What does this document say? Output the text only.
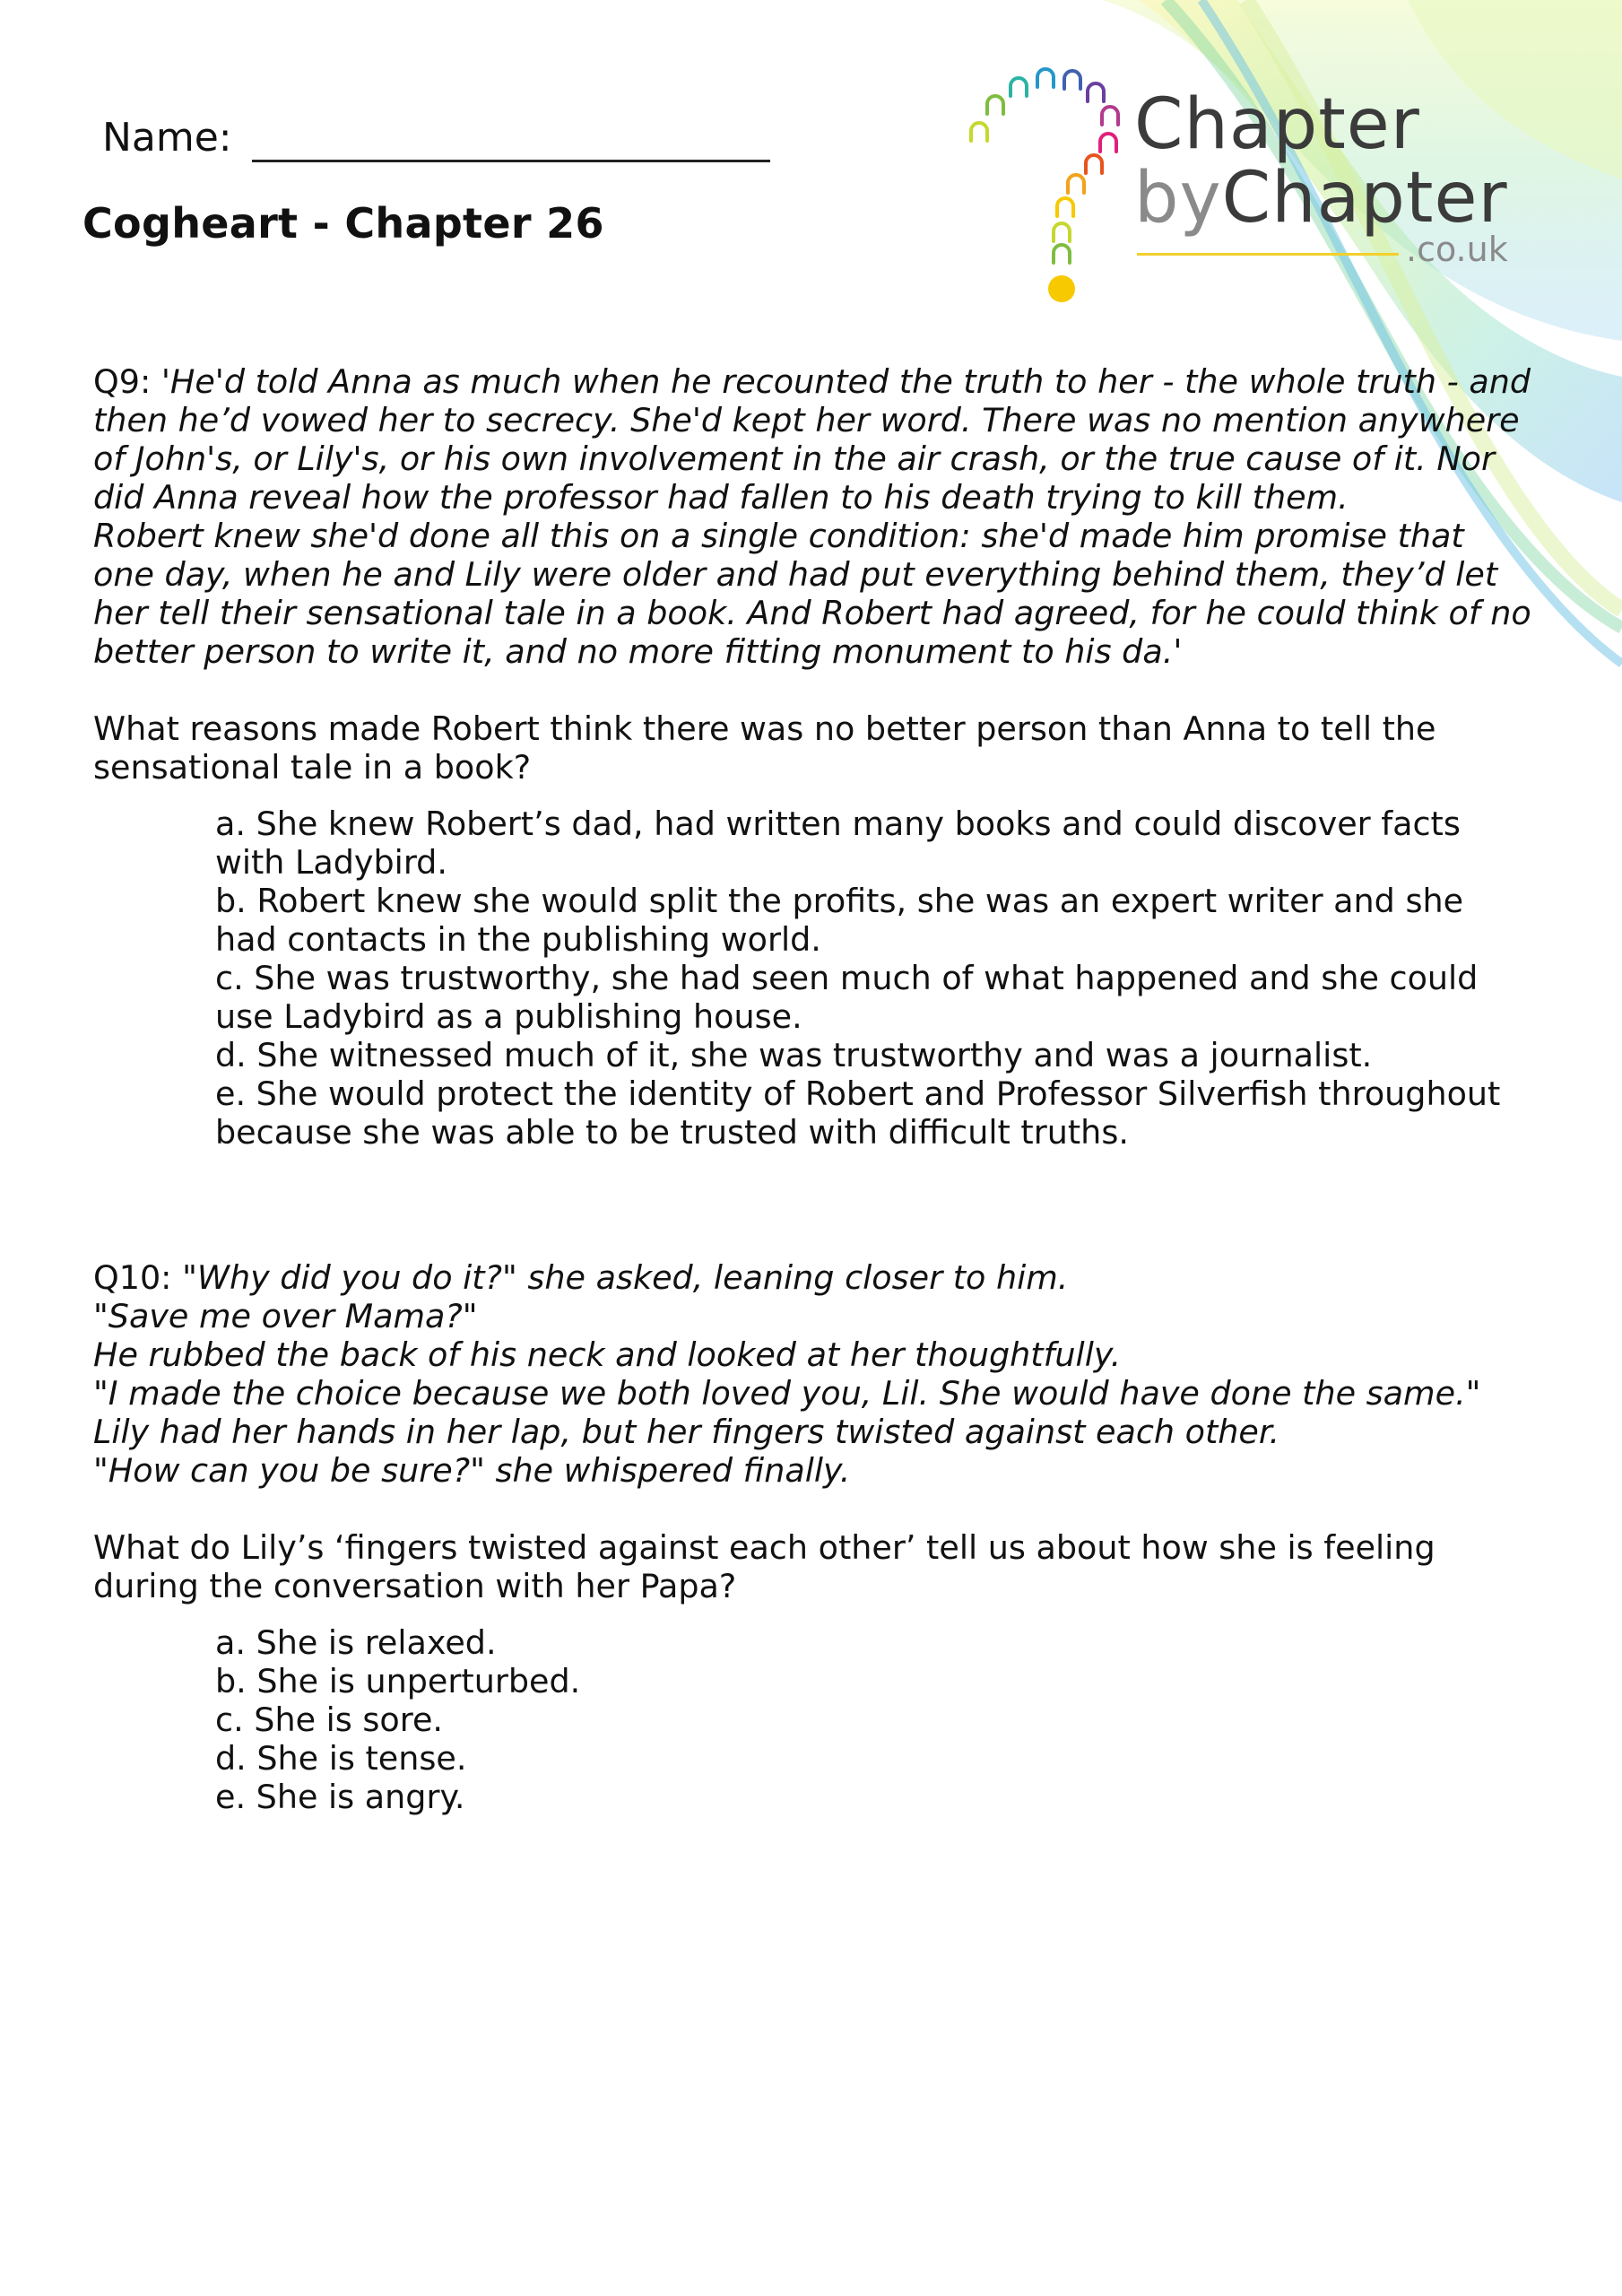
Name:
Cogheart - Chapter 26
Chapter
byChapter
.co.uk

Q9: 'He'd told Anna as much when he recounted the truth to her - the whole truth - and

then he’d vowed her to secrecy. She'd kept her word. There was no mention anywhere

of John's, or Lily's, or his own involvement in the air crash, or the true cause of it. Nor

did Anna reveal how the professor had fallen to his death trying to kill them.

Robert knew she'd done all this on a single condition: she'd made him promise that

one day, when he and Lily were older and had put everything behind them, they’d let

her tell their sensational tale in a book. And Robert had agreed, for he could think of no

better person to write it, and no more fitting monument to his da.'

What reasons made Robert think there was no better person than Anna to tell the
sensational tale in a book?
a. She knew Robert’s dad, had written many books and could discover facts
with Ladybird.
b. Robert knew she would split the profits, she was an expert writer and she
had contacts in the publishing world.
c. She was trustworthy, she had seen much of what happened and she could
use Ladybird as a publishing house.
d. She witnessed much of it, she was trustworthy and was a journalist.
e. She would protect the identity of Robert and Professor Silverfish throughout
because she was able to be trusted with difficult truths.

Q10: "Why did you do it?" she asked, leaning closer to him.

"Save me over Mama?"

He rubbed the back of his neck and looked at her thoughtfully.

"I made the choice because we both loved you, Lil. She would have done the same."

Lily had her hands in her lap, but her fingers twisted against each other.

"How can you be sure?" she whispered finally.

What do Lily’s ‘fingers twisted against each other’ tell us about how she is feeling
during the conversation with her Papa?
a. She is relaxed.
b. She is unperturbed.
c. She is sore.
d. She is tense.
e. She is angry.
